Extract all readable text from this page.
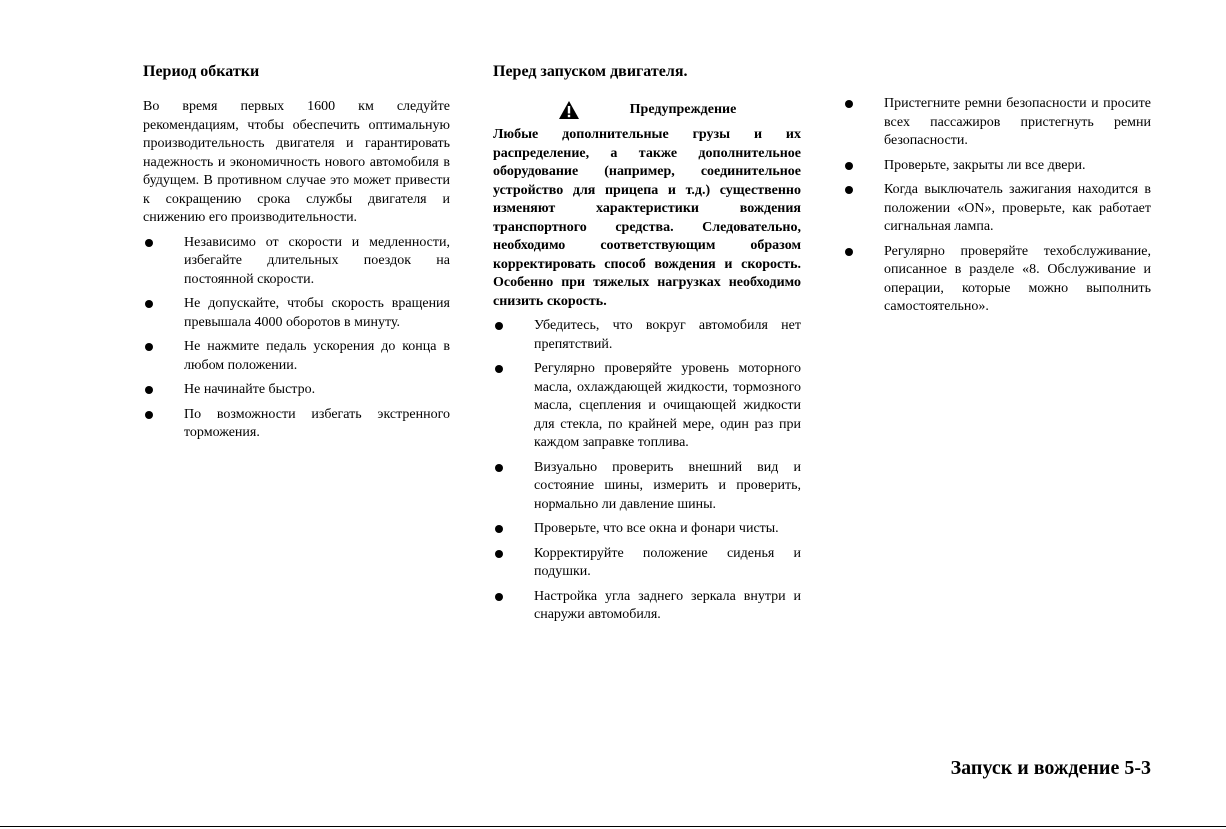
Период обкатки

Во время первых 1600 км следуйте рекомендациям, чтобы обеспечить оптимальную производительность двигателя и гарантировать надежность и экономичность нового автомобиля в будущем. В противном случае это может привести к сокращению срока службы двигателя и снижению его производительности.

Независимо от скорости и медленности, избегайте длительных поездок на постоянной скорости.
Не допускайте, чтобы скорость вращения превышала 4000 оборотов в минуту.
Не нажмите педаль ускорения до конца в любом положении.
Не начинайте быстро.
По возможности избегать экстренного торможения.
Перед запуском двигателя.
Предупреждение

Любые дополнительные грузы и их распределение, а также дополнительное оборудование (например, соединительное устройство для прицепа и т.д.) существенно изменяют характеристики вождения транспортного средства. Следовательно, необходимо соответствующим образом корректировать способ вождения и скорость. Особенно при тяжелых нагрузках необходимо снизить скорость.

Убедитесь, что вокруг автомобиля нет препятствий.
Регулярно проверяйте уровень моторного масла, охлаждающей жидкости, тормозного масла, сцепления и очищающей жидкости для стекла, по крайней мере, один раз при каждом заправке топлива.
Визуально проверить внешний вид и состояние шины, измерить и проверить, нормально ли давление шины.
Проверьте, что все окна и фонари чисты.
Корректируйте положение сиденья и подушки.
Настройка угла заднего зеркала внутри и снаружи автомобиля.
Пристегните ремни безопасности и просите всех пассажиров пристегнуть ремни безопасности.
Проверьте, закрыты ли все двери.
Когда выключатель зажигания находится в положении «ON», проверьте, как работает сигнальная лампа.
Регулярно проверяйте техобслуживание, описанное в разделе «8. Обслуживание и операции, которые можно выполнить самостоятельно».
Запуск и вождение 5-3
